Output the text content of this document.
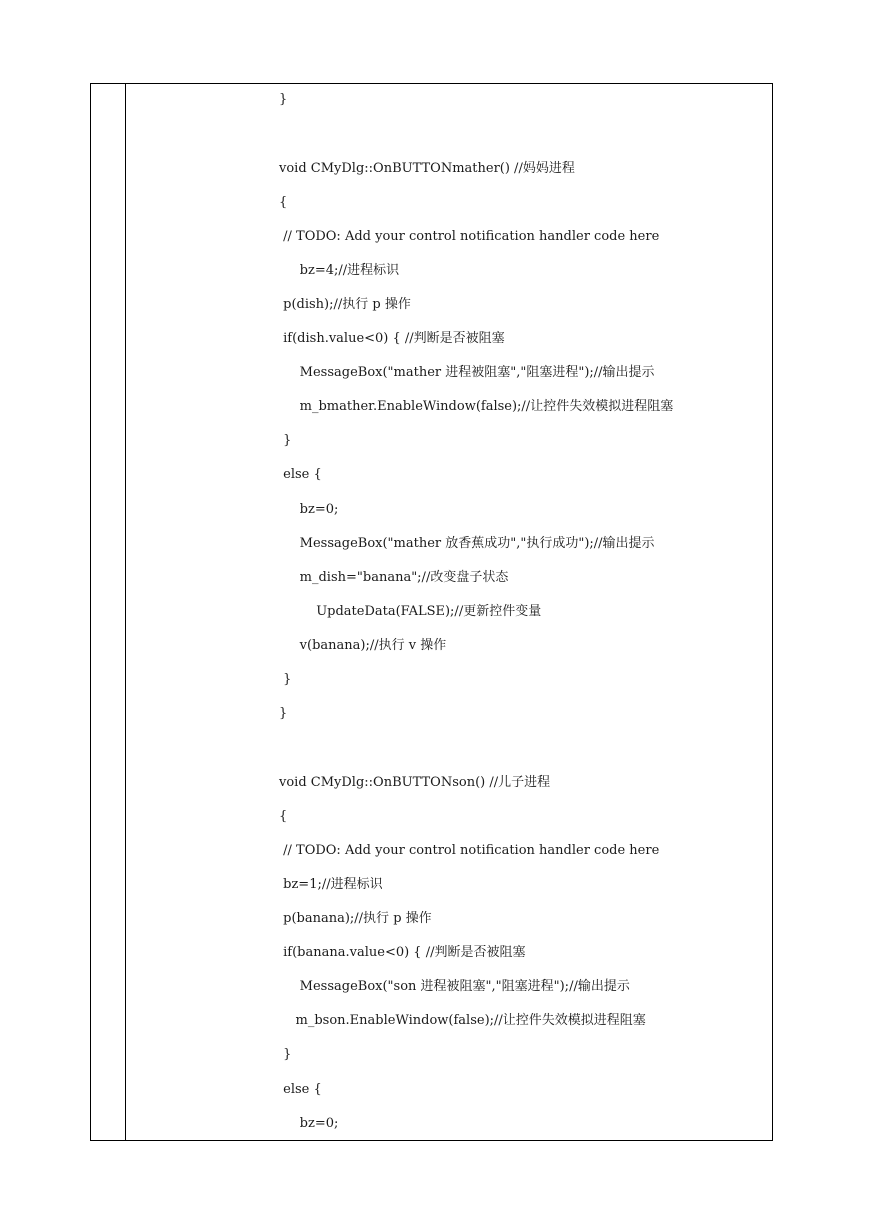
}
void CMyDlg::OnBUTTONmather() //妈妈进程
{
// TODO: Add your control notification handler code here
bz=4;//进程标识
p(dish);//执行 p 操作
if(dish.value<0) { //判断是否被阻塞
MessageBox("mather 进程被阻塞","阻塞进程");//输出提示
m_bmather.EnableWindow(false);//让控件失效模拟进程阻塞
}
else {
bz=0;
MessageBox("mather 放香蕉成功","执行成功");//输出提示
m_dish="banana";//改变盘子状态
UpdateData(FALSE);//更新控件变量
v(banana);//执行 v 操作
}
}
void CMyDlg::OnBUTTONson() //儿子进程
{
// TODO: Add your control notification handler code here
bz=1;//进程标识
p(banana);//执行 p 操作
if(banana.value<0) { //判断是否被阻塞
MessageBox("son 进程被阻塞","阻塞进程");//输出提示
m_bson.EnableWindow(false);//让控件失效模拟进程阻塞
}
else {
bz=0;
